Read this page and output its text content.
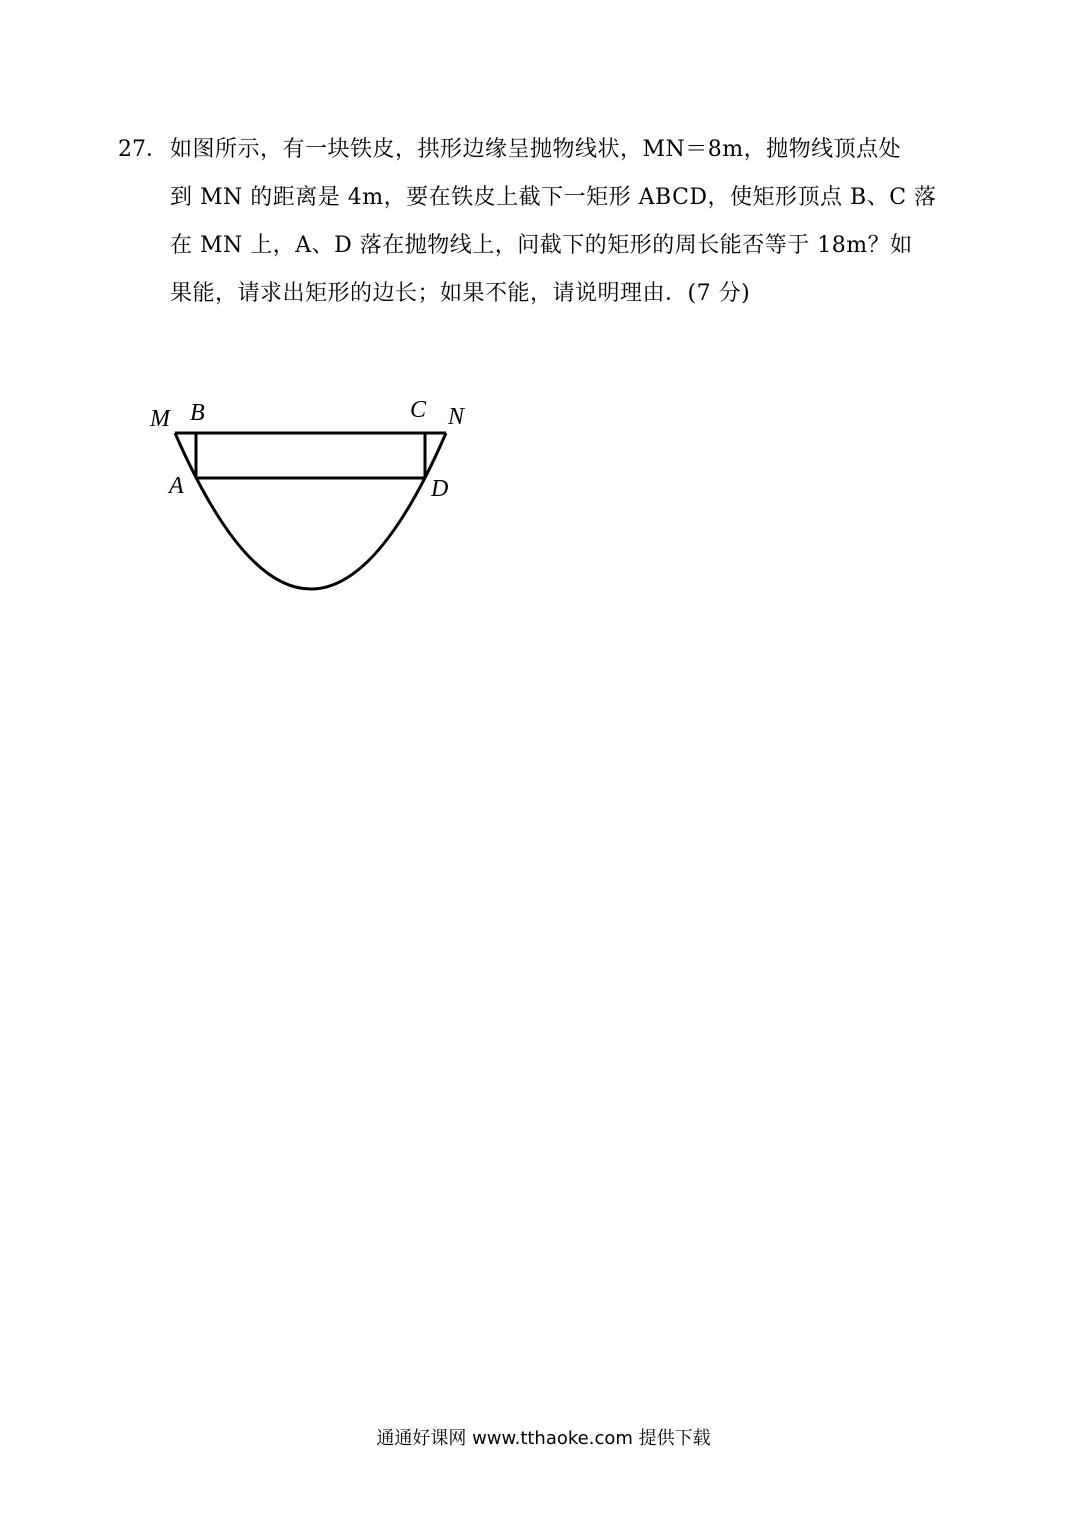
27． 如图所示，有一块铁皮，拱形边缘呈抛物线状，MN＝8m，抛物线顶点处
到 MN 的距离是 4m，要在铁皮上截下一矩形 ABCD，使矩形顶点 B、C 落
在 MN 上，A、D 落在抛物线上，问截下的矩形的周长能否等于 18m？如
果能，请求出矩形的边长；如果不能，请说明理由．(7 分)
M B	C N
A	D
通通好课网 www.tthaoke.com 提供下载
